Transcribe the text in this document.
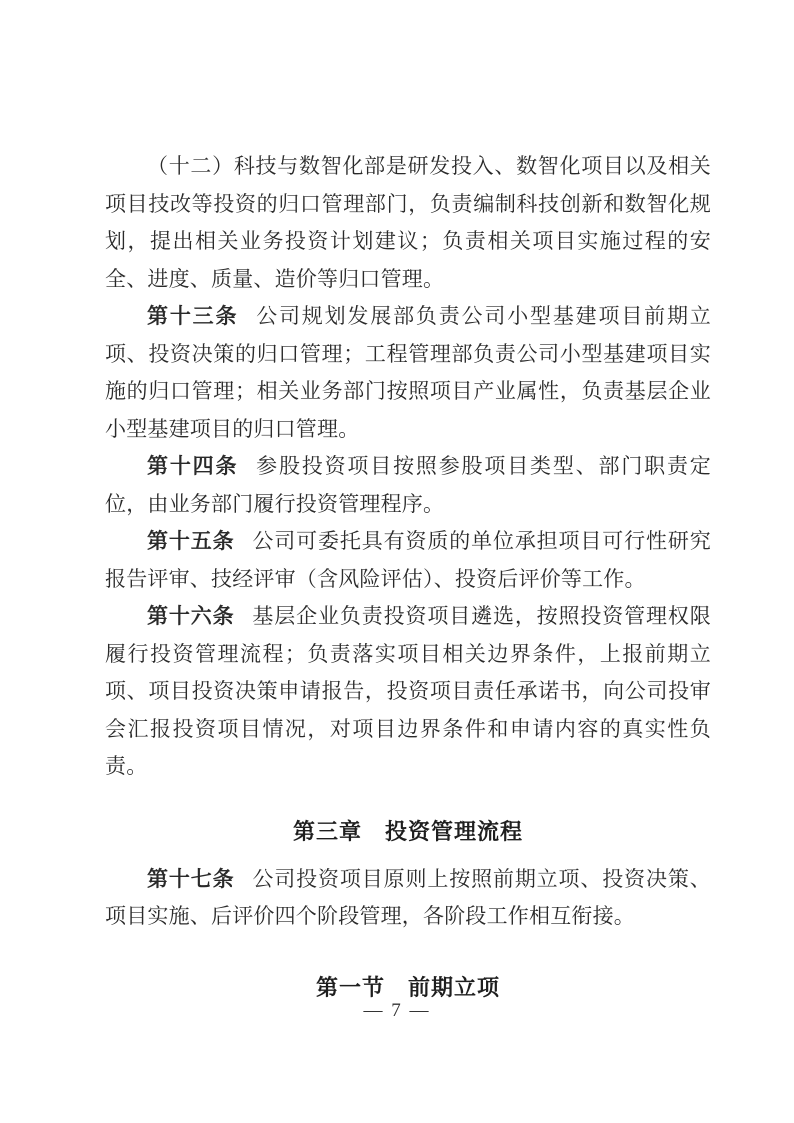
（十二）科技与数智化部是研发投入、数智化项目以及相关项目技改等投资的归口管理部门，负责编制科技创新和数智化规划，提出相关业务投资计划建议；负责相关项目实施过程的安全、进度、质量、造价等归口管理。

第十三条 公司规划发展部负责公司小型基建项目前期立项、投资决策的归口管理；工程管理部负责公司小型基建项目实施的归口管理；相关业务部门按照项目产业属性，负责基层企业小型基建项目的归口管理。

第十四条 参股投资项目按照参股项目类型、部门职责定位，由业务部门履行投资管理程序。

第十五条 公司可委托具有资质的单位承担项目可行性研究报告评审、技经评审（含风险评估）、投资后评价等工作。

第十六条 基层企业负责投资项目遴选，按照投资管理权限履行投资管理流程；负责落实项目相关边界条件，上报前期立项、项目投资决策申请报告，投资项目责任承诺书，向公司投审会汇报投资项目情况，对项目边界条件和申请内容的真实性负责。

第三章　投资管理流程

第十七条 公司投资项目原则上按照前期立项、投资决策、项目实施、后评价四个阶段管理，各阶段工作相互衔接。

第一节　前期立项
— 7 —
